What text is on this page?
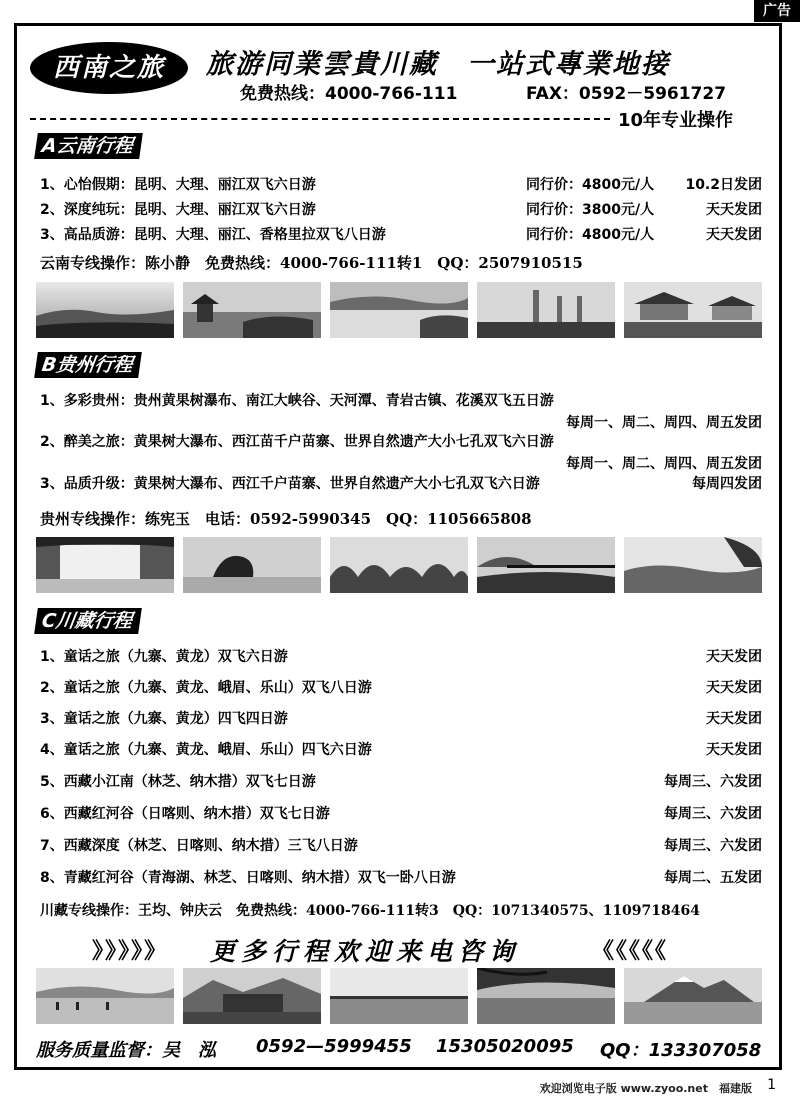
广告
西南之旅	旅游同業雲貴川藏　一站式專業地接
免费热线：4000-766-111	FAX：0592－5961727
10年专业操作
A云南行程
1、心怡假期：昆明、大理、丽江双飞六日游	同行价：4800元/人 10.2日发团
2、深度纯玩：昆明、大理、丽江双飞六日游	同行价：3800元/人	天天发团
3、高品质游：昆明、大理、丽江、香格里拉双飞八日游	同行价：4800元/人	天天发团
云南专线操作：陈小静　免费热线：4000-766-111转1　QQ：2507910515
B贵州行程
1、多彩贵州：贵州黄果树瀑布、南江大峡谷、天河潭、青岩古镇、花溪双飞五日游
每周一、周二、周四、周五发团
2、醉美之旅：黄果树大瀑布、西江苗千户苗寨、世界自然遗产大小七孔双飞六日游
每周一、周二、周四、周五发团
3、品质升级：黄果树大瀑布、西江千户苗寨、世界自然遗产大小七孔双飞六日游	每周四发团
贵州专线操作：练宪玉　电话：0592-5990345　QQ：1105665808
C川藏行程
1、童话之旅（九寨、黄龙）双飞六日游	天天发团
2、童话之旅（九寨、黄龙、峨眉、乐山）双飞八日游	天天发团
3、童话之旅（九寨、黄龙）四飞四日游	天天发团
4、童话之旅（九寨、黄龙、峨眉、乐山）四飞六日游	天天发团
5、西藏小江南（林芝、纳木措）双飞七日游	每周三、六发团
6、西藏红河谷（日喀则、纳木措）双飞七日游	每周三、六发团
7、西藏深度（林芝、日喀则、纳木措）三飞八日游	每周三、六发团
8、青藏红河谷（青海湖、林芝、日喀则、纳木措）双飞一卧八日游	每周二、五发团
川藏专线操作：王均、钟庆云　免费热线：4000-766-111转3　QQ：1071340575、1109718464
》》》》》 更多行程欢迎来电咨询	《《《《《
服务质量监督：吴　泓 0592—5999455 15305020095 QQ：133307058
欢迎浏览电子版 www.zyoo.net　福建版 1
